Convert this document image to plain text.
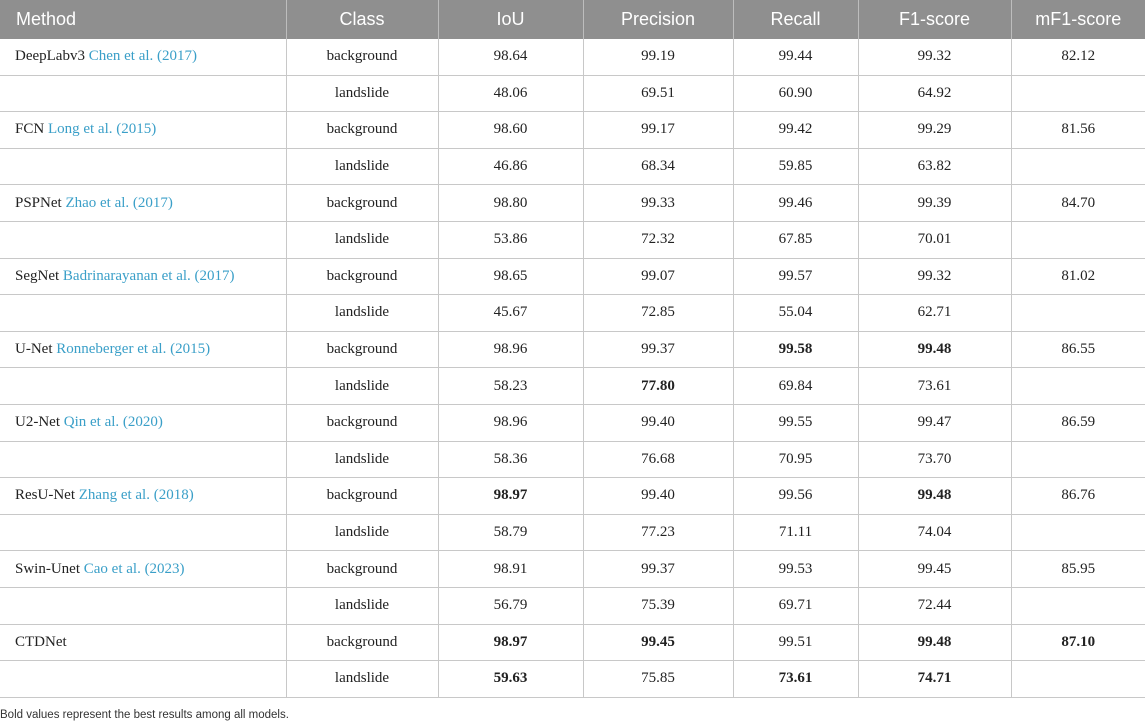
Method	Class	IoU	Precision	Recall	F1-score	mF1-score
DeepLabv3 Chen et al. (2017)	background	98.64	99.19	99.44	99.32	82.12
	landslide	48.06	69.51	60.90	64.92	
FCN Long et al. (2015)	background	98.60	99.17	99.42	99.29	81.56
	landslide	46.86	68.34	59.85	63.82	
PSPNet Zhao et al. (2017)	background	98.80	99.33	99.46	99.39	84.70
	landslide	53.86	72.32	67.85	70.01	
SegNet Badrinarayanan et al. (2017)	background	98.65	99.07	99.57	99.32	81.02
	landslide	45.67	72.85	55.04	62.71	
U-Net Ronneberger et al. (2015)	background	98.96	99.37	99.58	99.48	86.55
	landslide	58.23	77.80	69.84	73.61	
U2-Net Qin et al. (2020)	background	98.96	99.40	99.55	99.47	86.59
	landslide	58.36	76.68	70.95	73.70	
ResU-Net Zhang et al. (2018)	background	98.97	99.40	99.56	99.48	86.76
	landslide	58.79	77.23	71.11	74.04	
Swin-Unet Cao et al. (2023)	background	98.91	99.37	99.53	99.45	85.95
	landslide	56.79	75.39	69.71	72.44	
CTDNet	background	98.97	99.45	99.51	99.48	87.10
	landslide	59.63	75.85	73.61	74.71	
Bold values represent the best results among all models.
